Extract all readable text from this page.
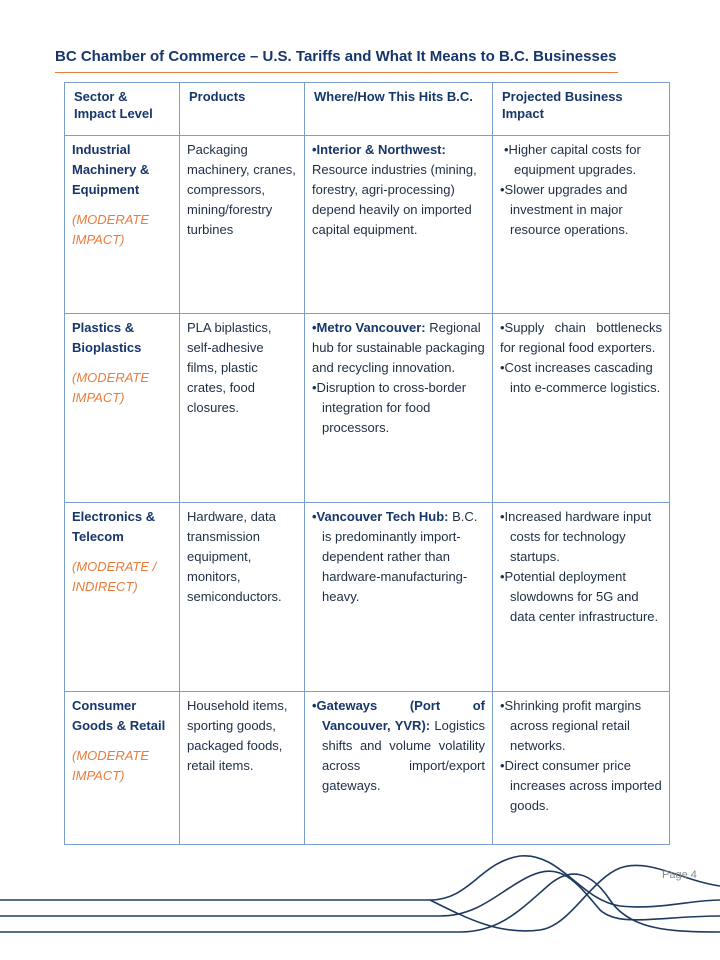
BC Chamber of Commerce – U.S. Tariffs and What It Means to B.C. Businesses
Sector & Impact Level	Products	Where/How This Hits B.C.	Projected Business Impact

Industrial Machinery & Equipment
(MODERATE IMPACT)	Packaging machinery, cranes, compressors, mining/forestry turbines	•Interior & Northwest: Resource industries (mining, forestry, agri-processing) depend heavily on imported capital equipment.	•Higher capital costs for equipment upgrades.
•Slower upgrades and investment in major resource operations.

Plastics & Bioplastics
(MODERATE IMPACT)	PLA biplastics, self-adhesive films, plastic crates, food closures.	•Metro Vancouver: Regional hub for sustainable packaging and recycling innovation.
•Disruption to cross-border integration for food processors.	•Supply chain bottlenecks for regional food exporters.
•Cost increases cascading into e-commerce logistics.

Electronics & Telecom
(MODERATE / INDIRECT)	Hardware, data transmission equipment, monitors, semiconductors.	•Vancouver Tech Hub: B.C. is predominantly import-dependent rather than hardware-manufacturing-heavy.	•Increased hardware input costs for technology startups.
•Potential deployment slowdowns for 5G and data center infrastructure.

Consumer Goods & Retail
(MODERATE IMPACT)	Household items, sporting goods, packaged foods, retail items.	•Gateways (Port of Vancouver, YVR): Logistics shifts and volume volatility across import/export gateways.	•Shrinking profit margins across regional retail networks.
•Direct consumer price increases across imported goods.
Page 4
